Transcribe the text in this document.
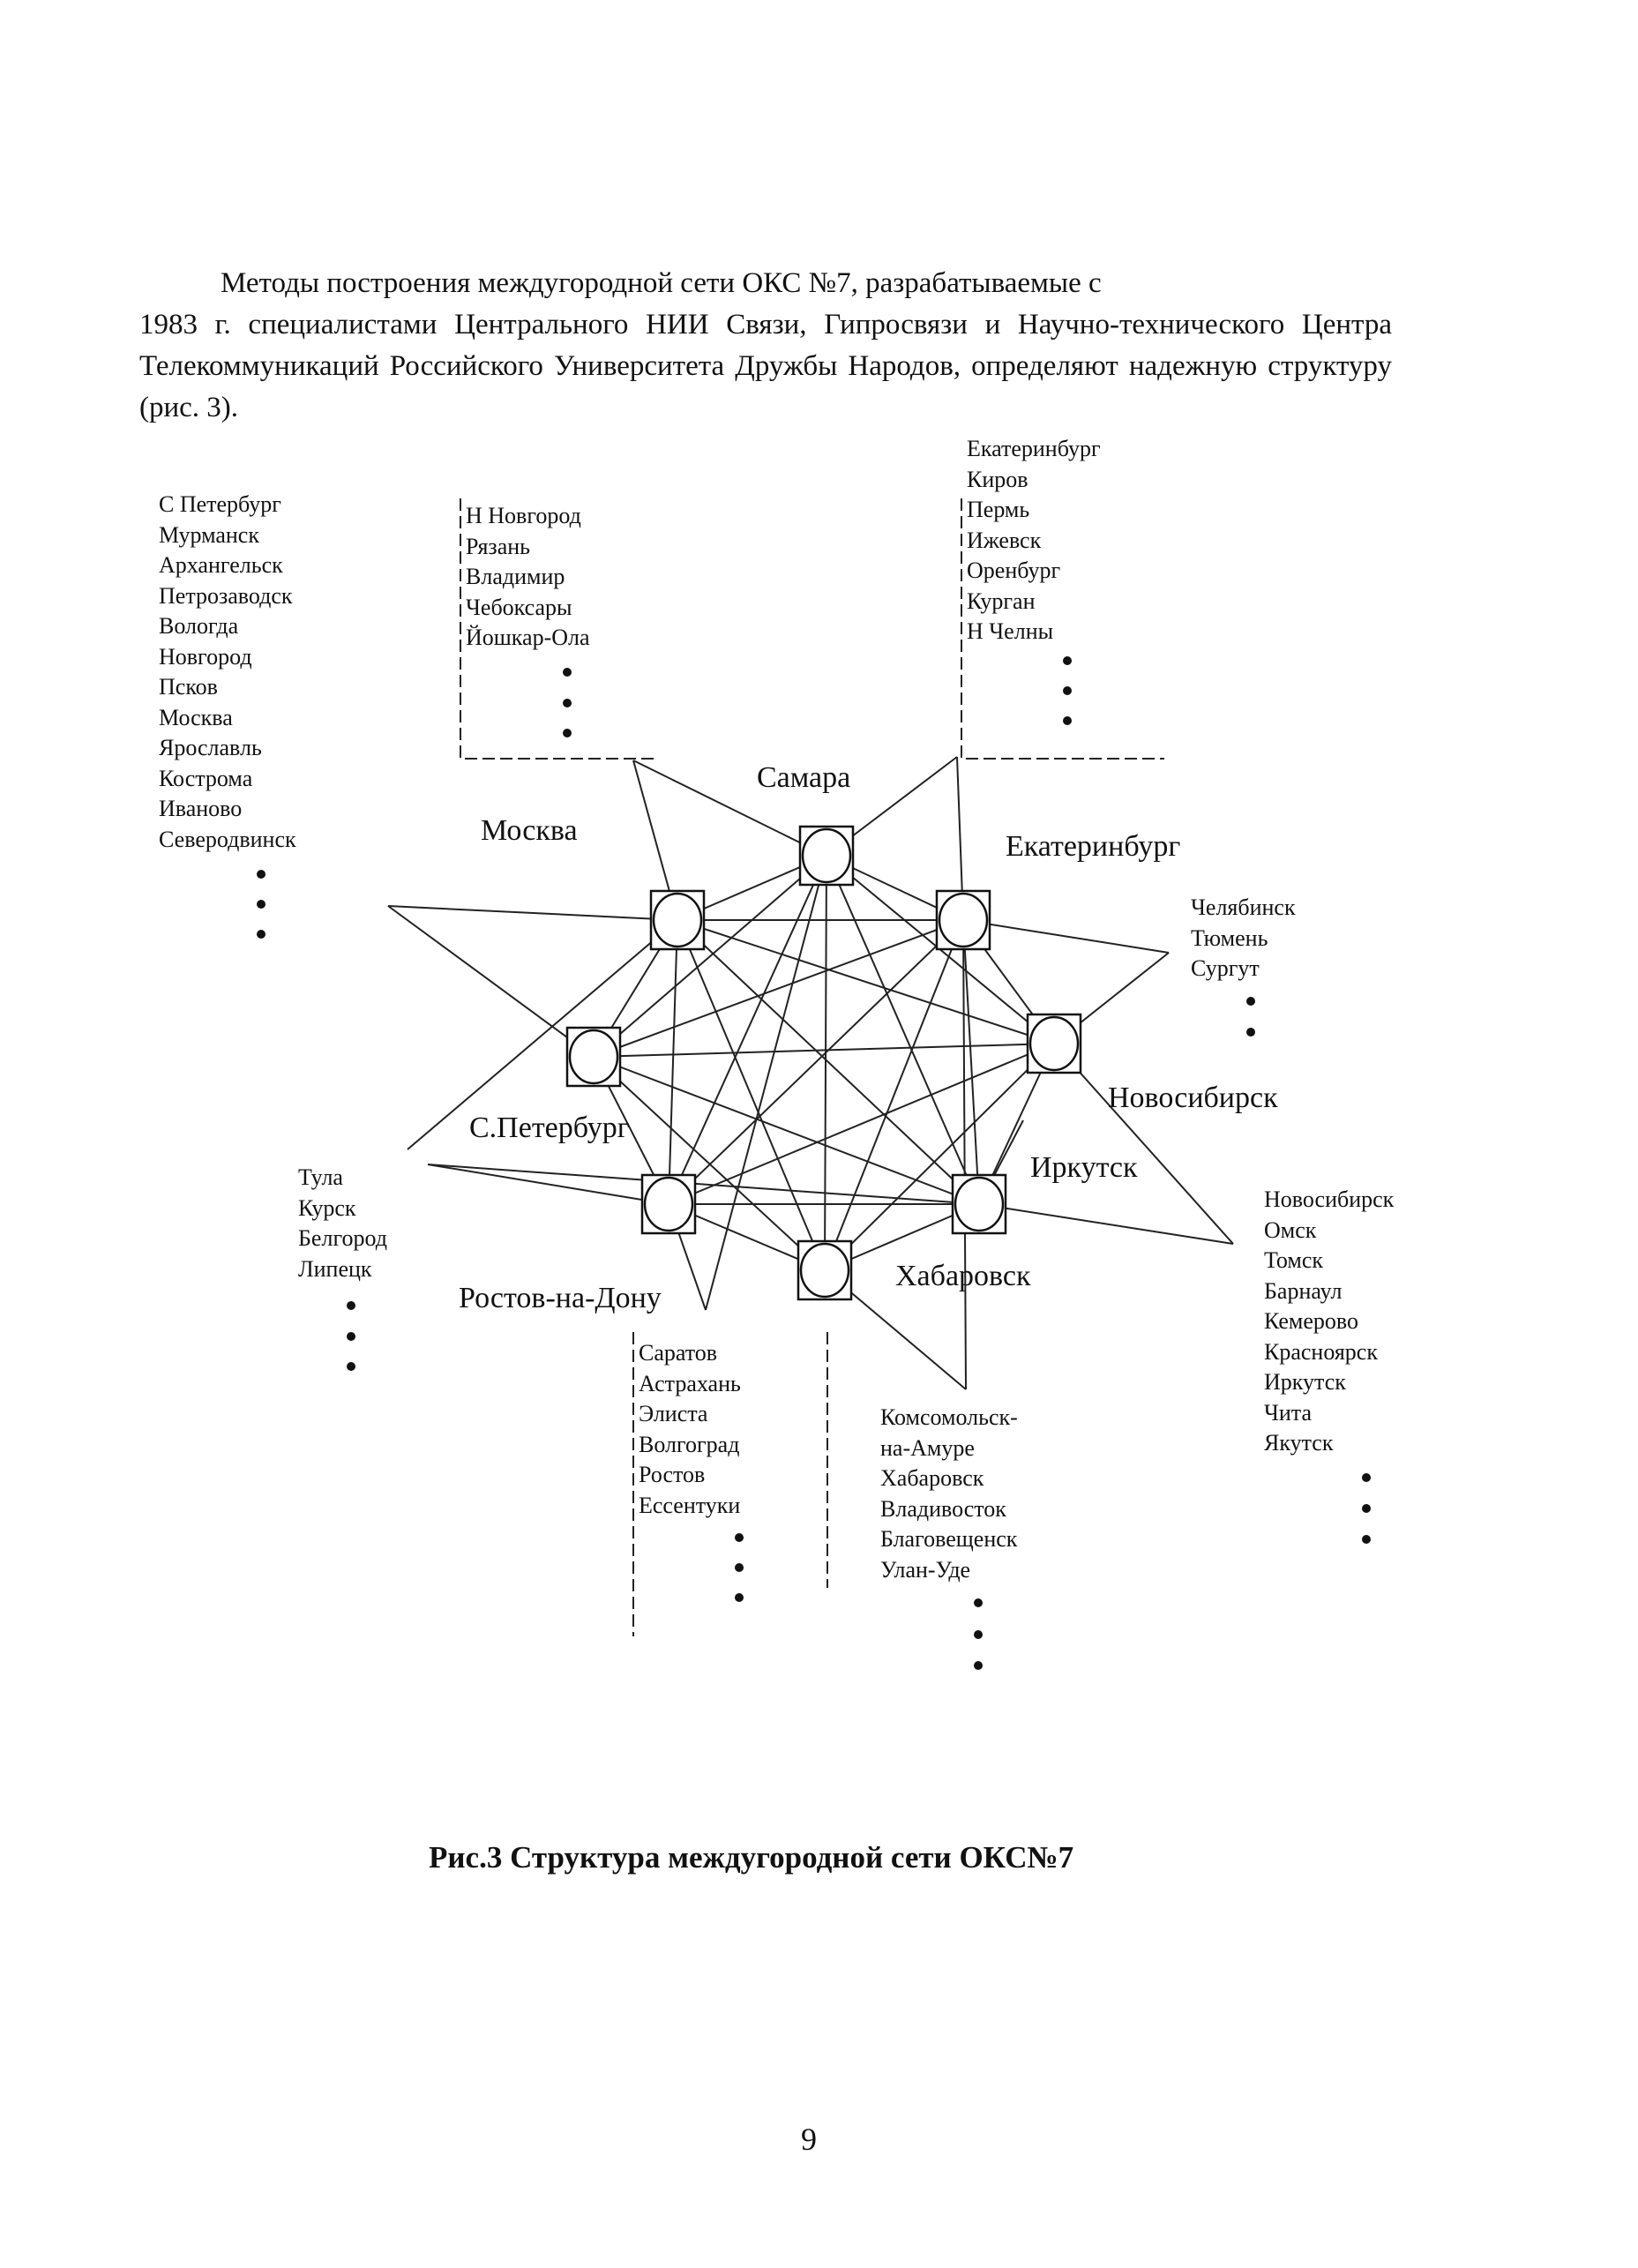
Методы построения междугородной сети ОКС №7, разрабатываемые с
1983 г. специалистами Центрального НИИ Связи, Гипросвязи и Научно-технического Центра Телекоммуникаций Российского Университета Дружбы Народов, определяют надежную структуру (рис. 3).

Самара
Москва	Екатеринбург
С.Петербург
Новосибирск
Ростов-на-Дону
Иркутск
Хабаровск
С Петербург
Мурманск
Архангельск
Петрозаводск
Вологда
Новгород
Псков
Москва
Ярославль
Кострома
Иваново
Северодвинск
Н Новгород
Рязань
Владимир
Чебоксары
Йошкар-Ола
Екатеринбург
Киров
Пермь
Ижевск
Оренбург
Курган
Н Челны
Челябинск
Тюмень
Сургут
Тула
Курск
Белгород
Липецк
Саратов
Астрахань
Элиста
Волгоград
Ростов
Ессентуки
Комсомольск-
на-Амуре
Хабаровск
Владивосток
Благовещенск
Улан-Уде
Новосибирск
Омск
Томск
Барнаул
Кемерово
Красноярск
Иркутск
Чита
Якутск
Рис.3 Структура междугородной сети ОКС№7
9
